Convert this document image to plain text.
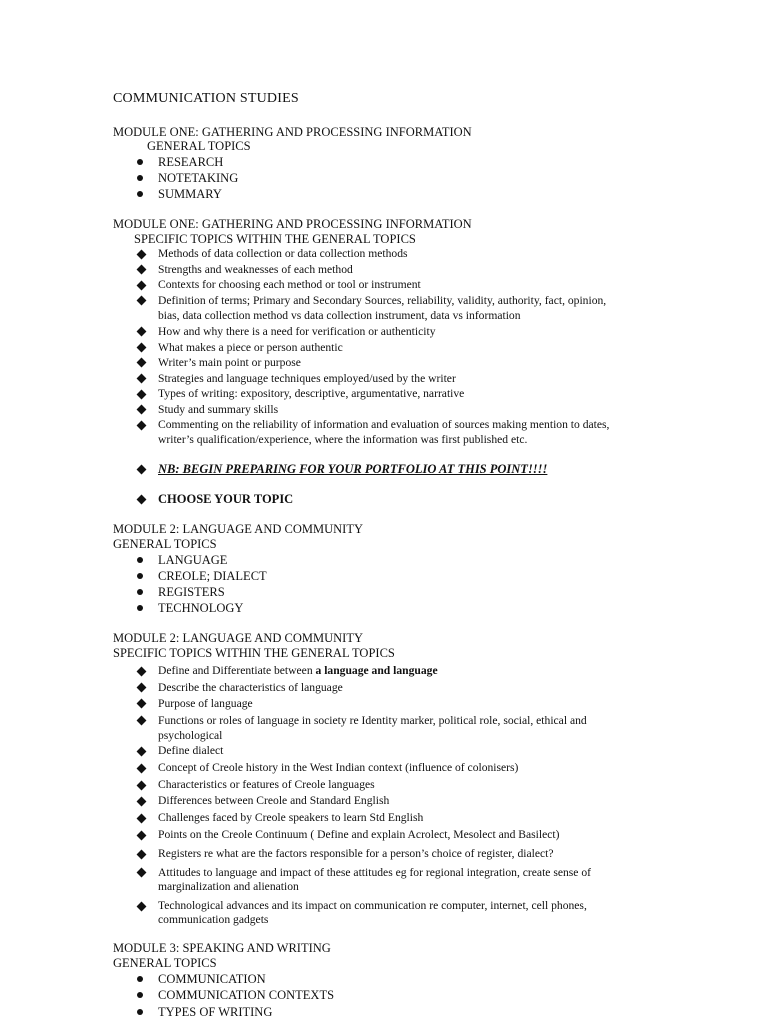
COMMUNICATION STUDIES
MODULE ONE: GATHERING AND PROCESSING INFORMATION
GENERAL TOPICS
RESEARCH
NOTETAKING
SUMMARY
MODULE ONE: GATHERING AND PROCESSING INFORMATION
SPECIFIC TOPICS WITHIN THE GENERAL TOPICS
Methods of data collection or data collection methods
Strengths and weaknesses of each method
Contexts for choosing each method or tool or instrument
Definition of terms; Primary and Secondary Sources, reliability, validity, authority, fact, opinion,
bias, data collection method vs data collection instrument, data vs information
How and why there is a need for verification or authenticity
What makes a piece or person authentic
Writer’s main point or purpose
Strategies and language techniques employed/used by the writer
Types of writing: expository, descriptive, argumentative, narrative
Study and summary skills
Commenting on the reliability of information and evaluation of sources making mention to dates,
writer’s qualification/experience, where the information was first published etc.
NB: BEGIN PREPARING FOR YOUR PORTFOLIO AT THIS POINT!!!!
CHOOSE YOUR TOPIC
MODULE 2: LANGUAGE AND COMMUNITY
GENERAL TOPICS
LANGUAGE
CREOLE; DIALECT
REGISTERS
TECHNOLOGY
MODULE 2: LANGUAGE AND COMMUNITY
SPECIFIC TOPICS WITHIN THE GENERAL TOPICS
Define and Differentiate between a language and language
Describe the characteristics of language
Purpose of language
Functions or roles of language in society re Identity marker, political role, social, ethical and
psychological
Define dialect
Concept of Creole history in the West Indian context (influence of colonisers)
Characteristics or features of Creole languages
Differences between Creole and Standard English
Challenges faced by Creole speakers to learn Std English
Points on the Creole Continuum ( Define and explain Acrolect, Mesolect and Basilect)
Registers re what are the factors responsible for a person’s choice of register, dialect?
Attitudes to language and impact of these attitudes eg for regional integration, create sense of
marginalization and alienation
Technological advances and its impact on communication re computer, internet, cell phones,
communication gadgets
MODULE 3: SPEAKING AND WRITING
GENERAL TOPICS
COMMUNICATION
COMMUNICATION CONTEXTS
TYPES OF WRITING
